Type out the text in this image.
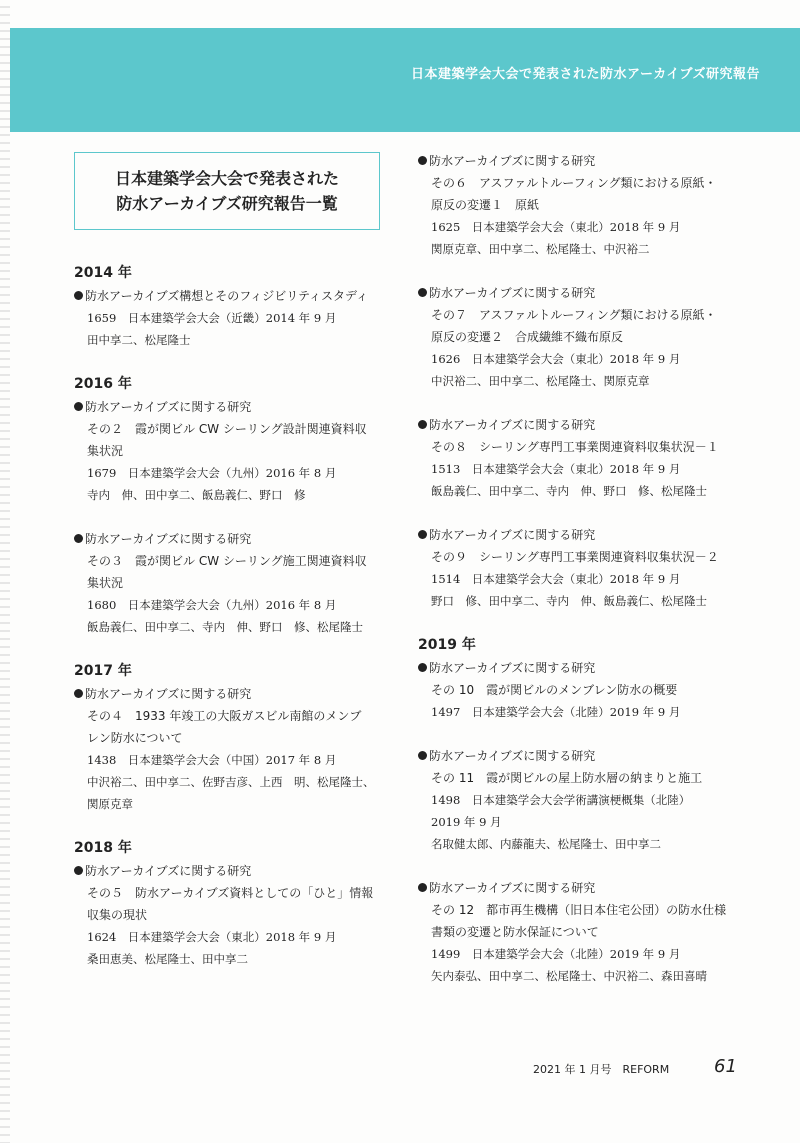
日本建築学会大会で発表された防水アーカイブズ研究報告
日本建築学会大会で発表された
防水アーカイブズ研究報告一覧
2014 年
防水アーカイブズ構想とそのフィジビリティスタディ
1659　日本建築学会大会（近畿）2014 年 9 月
田中享二、松尾隆士
2016 年
防水アーカイブズに関する研究
その２　霞が関ビル CW シーリング設計関連資料収
集状況
1679　日本建築学会大会（九州）2016 年 8 月
寺内　伸、田中享二、飯島義仁、野口　修
防水アーカイブズに関する研究
その３　霞が関ビル CW シーリング施工関連資料収
集状況
1680　日本建築学会大会（九州）2016 年 8 月
飯島義仁、田中享二、寺内　伸、野口　修、松尾隆士
2017 年
防水アーカイブズに関する研究
その４　1933 年竣工の大阪ガスビル南館のメンブ
レン防水について
1438　日本建築学会大会（中国）2017 年 8 月
中沢裕二、田中享二、佐野吉彦、上西　明、松尾隆士、
関原克章
2018 年
防水アーカイブズに関する研究
その５　防水アーカイブズ資料としての「ひと」情報
収集の現状
1624　日本建築学会大会（東北）2018 年 9 月
桑田恵美、松尾隆士、田中享二
防水アーカイブズに関する研究
その６　アスファルトルーフィング類における原紙・
原反の変遷１　原紙
1625　日本建築学会大会（東北）2018 年 9 月
関原克章、田中享二、松尾隆士、中沢裕二
防水アーカイブズに関する研究
その７　アスファルトルーフィング類における原紙・
原反の変遷２　合成繊維不織布原反
1626　日本建築学会大会（東北）2018 年 9 月
中沢裕二、田中享二、松尾隆士、関原克章
防水アーカイブズに関する研究
その８　シーリング専門工事業関連資料収集状況－１
1513　日本建築学会大会（東北）2018 年 9 月
飯島義仁、田中享二、寺内　伸、野口　修、松尾隆士
防水アーカイブズに関する研究
その９　シーリング専門工事業関連資料収集状況－２
1514　日本建築学会大会（東北）2018 年 9 月
野口　修、田中享二、寺内　伸、飯島義仁、松尾隆士
2019 年
防水アーカイブズに関する研究
その 10　霞が関ビルのメンブレン防水の概要
1497　日本建築学会大会（北陸）2019 年 9 月
防水アーカイブズに関する研究
その 11　霞が関ビルの屋上防水層の納まりと施工
1498　日本建築学会大会学術講演梗概集（北陸）
2019 年 9 月
名取健太郎、内藤龍夫、松尾隆士、田中享二
防水アーカイブズに関する研究
その 12　都市再生機構（旧日本住宅公団）の防水仕様
書類の変遷と防水保証について
1499　日本建築学会大会（北陸）2019 年 9 月
矢内泰弘、田中享二、松尾隆士、中沢裕二、森田喜晴
2021 年 1 月号　REFORM 61
